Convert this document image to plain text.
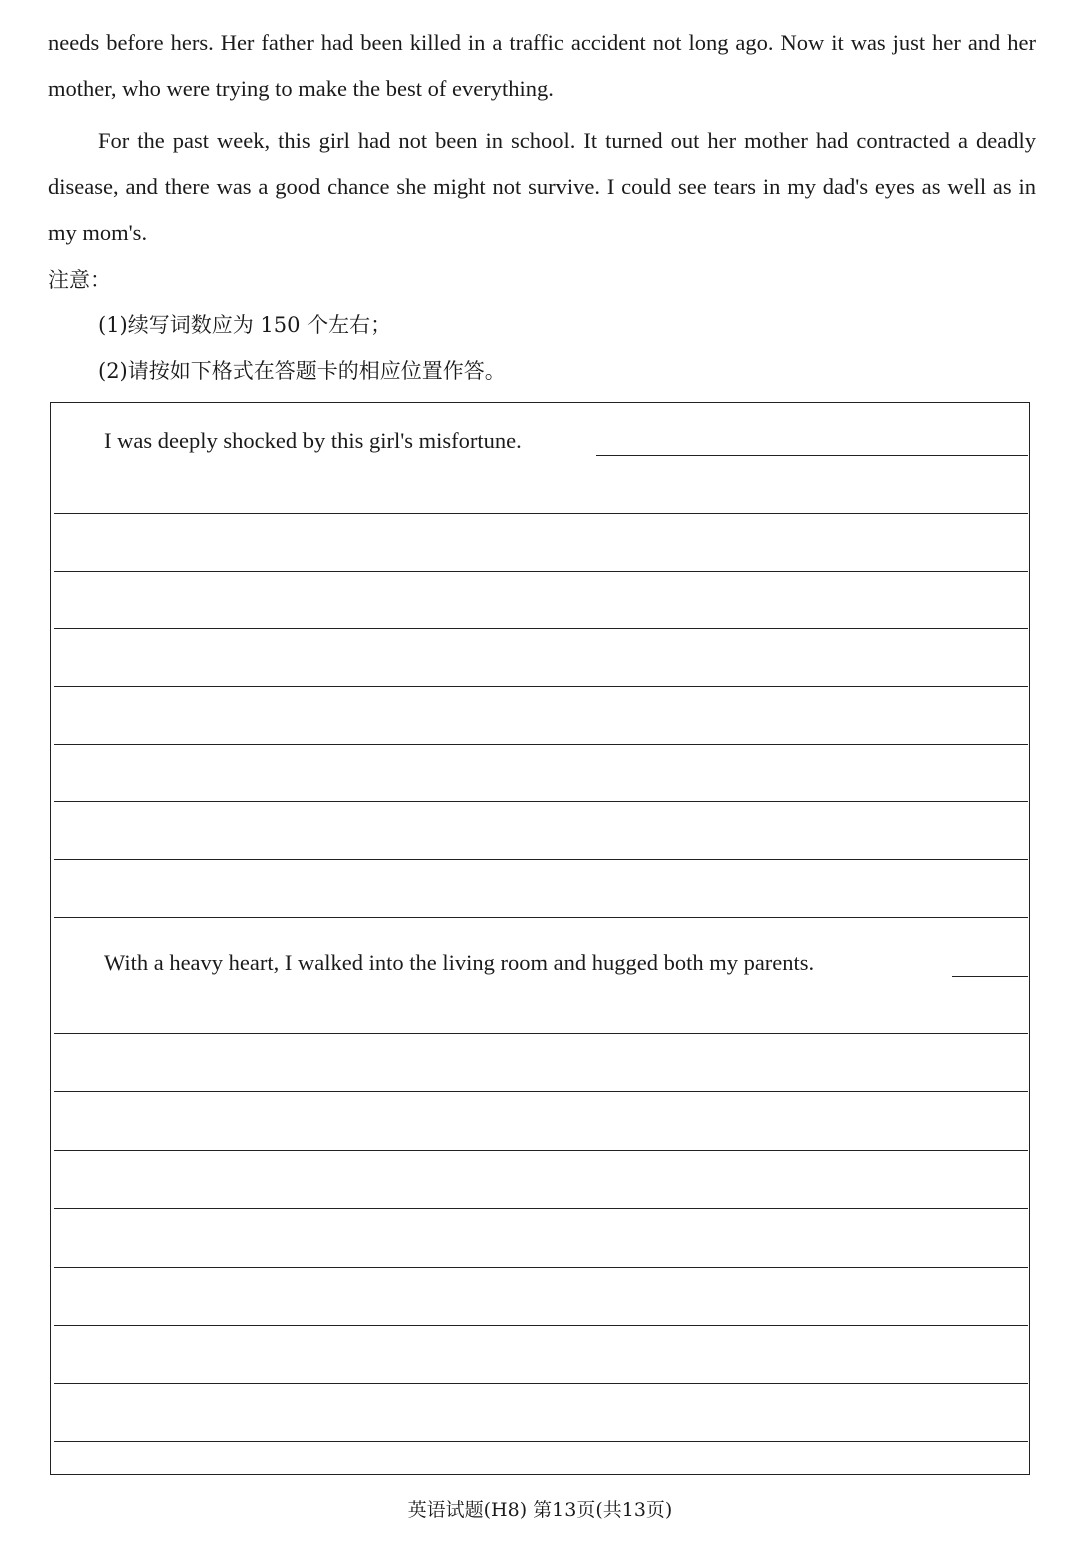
needs before hers. Her father had been killed in a traffic accident not long ago. Now it was just her and her mother, who were trying to make the best of everything.

For the past week, this girl had not been in school. It turned out her mother had contracted a deadly disease, and there was a good chance she might not survive. I could see tears in my dad's eyes as well as in my mom's.

注意：
(1)续写词数应为 150 个左右；
(2)请按如下格式在答题卡的相应位置作答。
I was deeply shocked by this girl's misfortune.
With a heavy heart, I walked into the living room and hugged both my parents.
英语试题(H8) 第13页(共13页)
